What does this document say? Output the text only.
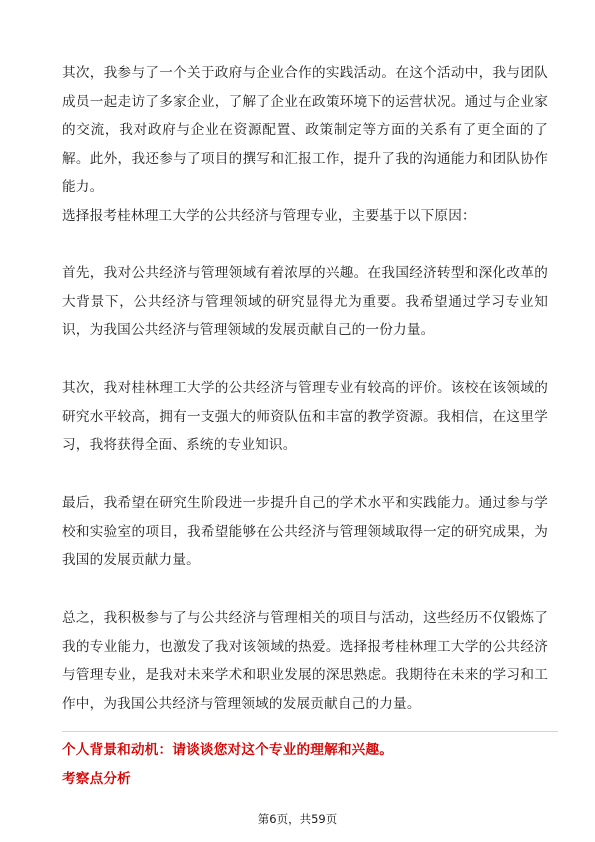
其次，我参与了一个关于政府与企业合作的实践活动。在这个活动中，我与团队成员一起走访了多家企业，了解了企业在政策环境下的运营状况。通过与企业家的交流，我对政府与企业在资源配置、政策制定等方面的关系有了更全面的了解。此外，我还参与了项目的撰写和汇报工作，提升了我的沟通能力和团队协作能力。

选择报考桂林理工大学的公共经济与管理专业，主要基于以下原因：

首先，我对公共经济与管理领域有着浓厚的兴趣。在我国经济转型和深化改革的大背景下，公共经济与管理领域的研究显得尤为重要。我希望通过学习专业知识，为我国公共经济与管理领域的发展贡献自己的一份力量。

其次，我对桂林理工大学的公共经济与管理专业有较高的评价。该校在该领域的研究水平较高，拥有一支强大的师资队伍和丰富的教学资源。我相信，在这里学习，我将获得全面、系统的专业知识。

最后，我希望在研究生阶段进一步提升自己的学术水平和实践能力。通过参与学校和实验室的项目，我希望能够在公共经济与管理领域取得一定的研究成果，为我国的发展贡献力量。

总之，我积极参与了与公共经济与管理相关的项目与活动，这些经历不仅锻炼了我的专业能力，也激发了我对该领域的热爱。选择报考桂林理工大学的公共经济与管理专业，是我对未来学术和职业发展的深思熟虑。我期待在未来的学习和工作中，为我国公共经济与管理领域的发展贡献自己的力量。

个人背景和动机：请谈谈您对这个专业的理解和兴趣。

考察点分析

第6页，共59页
